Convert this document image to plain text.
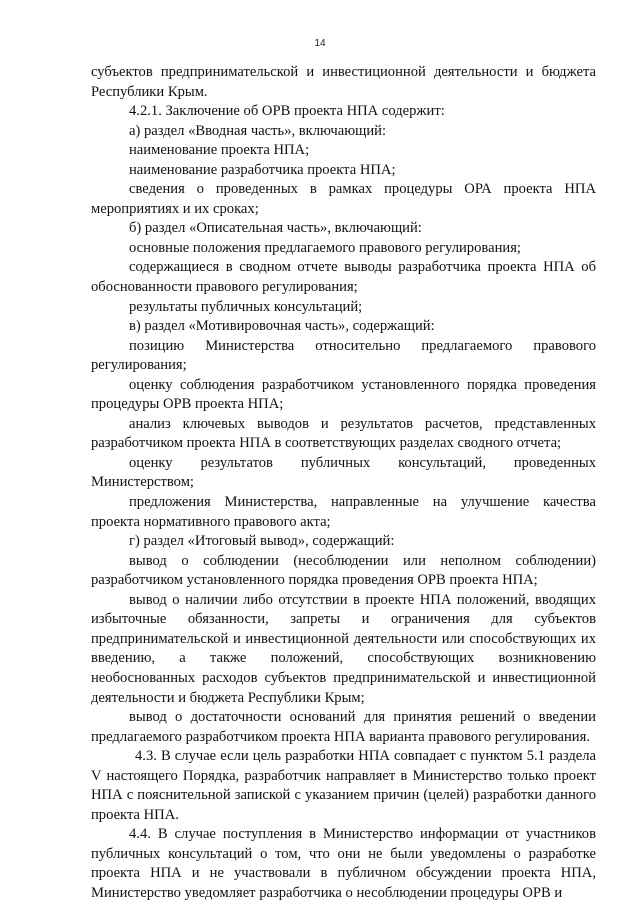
14

субъектов предпринимательской и инвестиционной деятельности и бюджета Республики Крым.

4.2.1. Заключение об ОРВ проекта НПА содержит:

а) раздел «Вводная часть», включающий:

наименование проекта НПА;

наименование разработчика проекта НПА;

сведения о проведенных в рамках процедуры ОРА проекта НПА мероприятиях и их сроках;

б) раздел «Описательная часть», включающий:

основные положения предлагаемого правового регулирования;

содержащиеся в сводном отчете выводы разработчика проекта НПА об обоснованности правового регулирования;

результаты публичных консультаций;

в) раздел «Мотивировочная часть», содержащий:

позицию Министерства относительно предлагаемого правового регулирования;

оценку соблюдения разработчиком установленного порядка проведения процедуры ОРВ проекта НПА;

анализ ключевых выводов и результатов расчетов, представленных разработчиком проекта НПА в соответствующих разделах сводного отчета;

оценку результатов публичных консультаций, проведенных Министерством;

предложения Министерства, направленные на улучшение качества проекта нормативного правового акта;

г) раздел «Итоговый вывод», содержащий:

вывод о соблюдении (несоблюдении или неполном соблюдении) разработчиком установленного порядка проведения ОРВ проекта НПА;

вывод о наличии либо отсутствии в проекте НПА положений, вводящих избыточные обязанности, запреты и ограничения для субъектов предпринимательской и инвестиционной деятельности или способствующих их введению, а также положений, способствующих возникновению необоснованных расходов субъектов предпринимательской и инвестиционной деятельности и бюджета Республики Крым;

вывод о достаточности оснований для принятия решений о введении предлагаемого разработчиком проекта НПА варианта правового регулирования.

4.3. В случае если цель разработки НПА совпадает с пунктом 5.1 раздела V настоящего Порядка, разработчик направляет в Министерство только проект НПА с пояснительной запиской с указанием причин (целей) разработки данного проекта НПА.

4.4. В случае поступления в Министерство информации от участников публичных консультаций о том, что они не были уведомлены о разработке проекта НПА и не участвовали в публичном обсуждении проекта НПА, Министерство уведомляет разработчика о несоблюдении процедуры ОРВ и
